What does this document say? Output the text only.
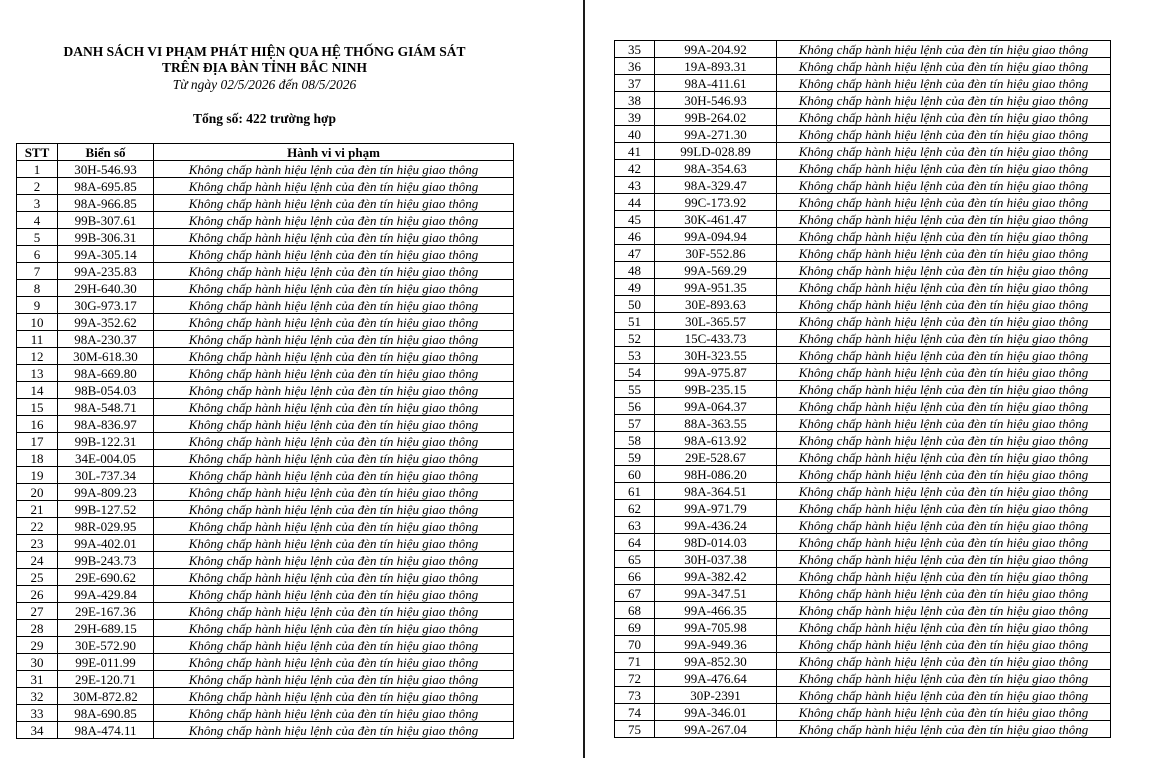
DANH SÁCH VI PHẠM PHÁT HIỆN QUA HỆ THỐNG GIÁM SÁT
TRÊN ĐỊA BÀN TỈNH BẮC NINH
Từ ngày 02/5/2026 đến 08/5/2026
Tổng số: 422 trường hợp
STT	Biển số	Hành vi vi phạm
1	30H-546.93	Không chấp hành hiệu lệnh của đèn tín hiệu giao thông
2	98A-695.85	Không chấp hành hiệu lệnh của đèn tín hiệu giao thông
3	98A-966.85	Không chấp hành hiệu lệnh của đèn tín hiệu giao thông
4	99B-307.61	Không chấp hành hiệu lệnh của đèn tín hiệu giao thông
5	99B-306.31	Không chấp hành hiệu lệnh của đèn tín hiệu giao thông
6	99A-305.14	Không chấp hành hiệu lệnh của đèn tín hiệu giao thông
7	99A-235.83	Không chấp hành hiệu lệnh của đèn tín hiệu giao thông
8	29H-640.30	Không chấp hành hiệu lệnh của đèn tín hiệu giao thông
9	30G-973.17	Không chấp hành hiệu lệnh của đèn tín hiệu giao thông
10	99A-352.62	Không chấp hành hiệu lệnh của đèn tín hiệu giao thông
11	98A-230.37	Không chấp hành hiệu lệnh của đèn tín hiệu giao thông
12	30M-618.30	Không chấp hành hiệu lệnh của đèn tín hiệu giao thông
13	98A-669.80	Không chấp hành hiệu lệnh của đèn tín hiệu giao thông
14	98B-054.03	Không chấp hành hiệu lệnh của đèn tín hiệu giao thông
15	98A-548.71	Không chấp hành hiệu lệnh của đèn tín hiệu giao thông
16	98A-836.97	Không chấp hành hiệu lệnh của đèn tín hiệu giao thông
17	99B-122.31	Không chấp hành hiệu lệnh của đèn tín hiệu giao thông
18	34E-004.05	Không chấp hành hiệu lệnh của đèn tín hiệu giao thông
19	30L-737.34	Không chấp hành hiệu lệnh của đèn tín hiệu giao thông
20	99A-809.23	Không chấp hành hiệu lệnh của đèn tín hiệu giao thông
21	99B-127.52	Không chấp hành hiệu lệnh của đèn tín hiệu giao thông
22	98R-029.95	Không chấp hành hiệu lệnh của đèn tín hiệu giao thông
23	99A-402.01	Không chấp hành hiệu lệnh của đèn tín hiệu giao thông
24	99B-243.73	Không chấp hành hiệu lệnh của đèn tín hiệu giao thông
25	29E-690.62	Không chấp hành hiệu lệnh của đèn tín hiệu giao thông
26	99A-429.84	Không chấp hành hiệu lệnh của đèn tín hiệu giao thông
27	29E-167.36	Không chấp hành hiệu lệnh của đèn tín hiệu giao thông
28	29H-689.15	Không chấp hành hiệu lệnh của đèn tín hiệu giao thông
29	30E-572.90	Không chấp hành hiệu lệnh của đèn tín hiệu giao thông
30	99E-011.99	Không chấp hành hiệu lệnh của đèn tín hiệu giao thông
31	29E-120.71	Không chấp hành hiệu lệnh của đèn tín hiệu giao thông
32	30M-872.82	Không chấp hành hiệu lệnh của đèn tín hiệu giao thông
33	98A-690.85	Không chấp hành hiệu lệnh của đèn tín hiệu giao thông
34	98A-474.11	Không chấp hành hiệu lệnh của đèn tín hiệu giao thông
35	99A-204.92	Không chấp hành hiệu lệnh của đèn tín hiệu giao thông
36	19A-893.31	Không chấp hành hiệu lệnh của đèn tín hiệu giao thông
37	98A-411.61	Không chấp hành hiệu lệnh của đèn tín hiệu giao thông
38	30H-546.93	Không chấp hành hiệu lệnh của đèn tín hiệu giao thông
39	99B-264.02	Không chấp hành hiệu lệnh của đèn tín hiệu giao thông
40	99A-271.30	Không chấp hành hiệu lệnh của đèn tín hiệu giao thông
41	99LD-028.89	Không chấp hành hiệu lệnh của đèn tín hiệu giao thông
42	98A-354.63	Không chấp hành hiệu lệnh của đèn tín hiệu giao thông
43	98A-329.47	Không chấp hành hiệu lệnh của đèn tín hiệu giao thông
44	99C-173.92	Không chấp hành hiệu lệnh của đèn tín hiệu giao thông
45	30K-461.47	Không chấp hành hiệu lệnh của đèn tín hiệu giao thông
46	99A-094.94	Không chấp hành hiệu lệnh của đèn tín hiệu giao thông
47	30F-552.86	Không chấp hành hiệu lệnh của đèn tín hiệu giao thông
48	99A-569.29	Không chấp hành hiệu lệnh của đèn tín hiệu giao thông
49	99A-951.35	Không chấp hành hiệu lệnh của đèn tín hiệu giao thông
50	30E-893.63	Không chấp hành hiệu lệnh của đèn tín hiệu giao thông
51	30L-365.57	Không chấp hành hiệu lệnh của đèn tín hiệu giao thông
52	15C-433.73	Không chấp hành hiệu lệnh của đèn tín hiệu giao thông
53	30H-323.55	Không chấp hành hiệu lệnh của đèn tín hiệu giao thông
54	99A-975.87	Không chấp hành hiệu lệnh của đèn tín hiệu giao thông
55	99B-235.15	Không chấp hành hiệu lệnh của đèn tín hiệu giao thông
56	99A-064.37	Không chấp hành hiệu lệnh của đèn tín hiệu giao thông
57	88A-363.55	Không chấp hành hiệu lệnh của đèn tín hiệu giao thông
58	98A-613.92	Không chấp hành hiệu lệnh của đèn tín hiệu giao thông
59	29E-528.67	Không chấp hành hiệu lệnh của đèn tín hiệu giao thông
60	98H-086.20	Không chấp hành hiệu lệnh của đèn tín hiệu giao thông
61	98A-364.51	Không chấp hành hiệu lệnh của đèn tín hiệu giao thông
62	99A-971.79	Không chấp hành hiệu lệnh của đèn tín hiệu giao thông
63	99A-436.24	Không chấp hành hiệu lệnh của đèn tín hiệu giao thông
64	98D-014.03	Không chấp hành hiệu lệnh của đèn tín hiệu giao thông
65	30H-037.38	Không chấp hành hiệu lệnh của đèn tín hiệu giao thông
66	99A-382.42	Không chấp hành hiệu lệnh của đèn tín hiệu giao thông
67	99A-347.51	Không chấp hành hiệu lệnh của đèn tín hiệu giao thông
68	99A-466.35	Không chấp hành hiệu lệnh của đèn tín hiệu giao thông
69	99A-705.98	Không chấp hành hiệu lệnh của đèn tín hiệu giao thông
70	99A-949.36	Không chấp hành hiệu lệnh của đèn tín hiệu giao thông
71	99A-852.30	Không chấp hành hiệu lệnh của đèn tín hiệu giao thông
72	99A-476.64	Không chấp hành hiệu lệnh của đèn tín hiệu giao thông
73	30P-2391	Không chấp hành hiệu lệnh của đèn tín hiệu giao thông
74	99A-346.01	Không chấp hành hiệu lệnh của đèn tín hiệu giao thông
75	99A-267.04	Không chấp hành hiệu lệnh của đèn tín hiệu giao thông
